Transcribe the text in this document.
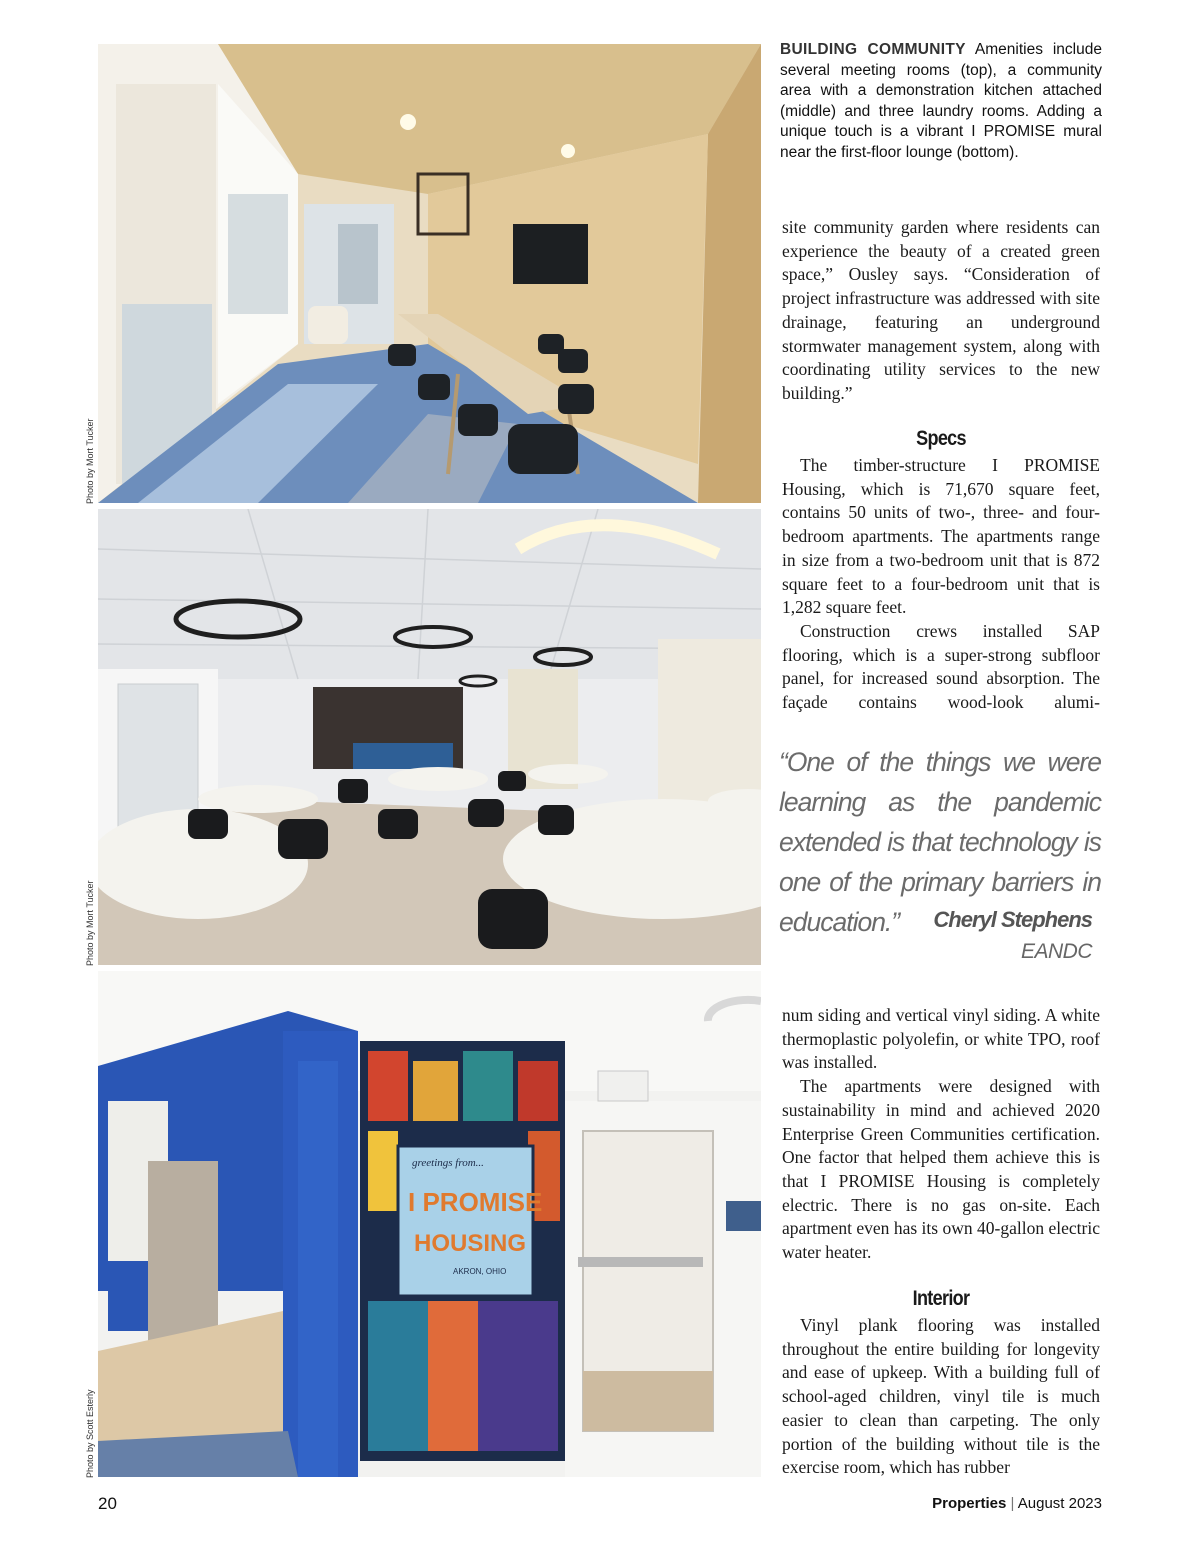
Photo by Mort Tucker
Photo by Mort Tucker
greetings from...
I PROMISE
HOUSING
AKRON, OHIO
Photo by Scott Esterly
BUILDING COMMUNITY Amenities include several meeting rooms (top), a community area with a demonstration kitchen attached (middle) and three laundry rooms. Adding a unique touch is a vibrant I PROMISE mural near the first-floor lounge (bottom).

site community garden where residents can experience the beauty of a created green space,” Ousley says. “Consideration of project infrastructure was addressed with site drainage, featuring an underground stormwater management system, along with coordinating utility services to the new building.”

Specs

The timber-structure I PROMISE Housing, which is 71,670 square feet, contains 50 units of two-, three- and four-bedroom apartments. The apartments range in size from a two-bedroom unit that is 872 square feet to a four-bedroom unit that is 1,282 square feet.

Construction crews installed SAP flooring, which is a super-strong subfloor panel, for increased sound absorption. The façade contains wood-look alumi-

“One of the things we were learning as the pandemic extended is that technology is one of the primary barriers in education.”	Cheryl Stephens
EANDC

num siding and vertical vinyl siding. A white thermoplastic polyolefin, or white TPO, roof was installed.

The apartments were designed with sustainability in mind and achieved 2020 Enterprise Green Communities certification. One factor that helped them achieve this is that I PROMISE Housing is completely electric. There is no gas on-site. Each apartment even has its own 40-gallon electric water heater.

Interior

Vinyl plank flooring was installed throughout the entire building for longevity and ease of upkeep. With a building full of school-aged children, vinyl tile is much easier to clean than carpeting. The only portion of the building without tile is the exercise room, which has rubber

20	Properties | August 2023
